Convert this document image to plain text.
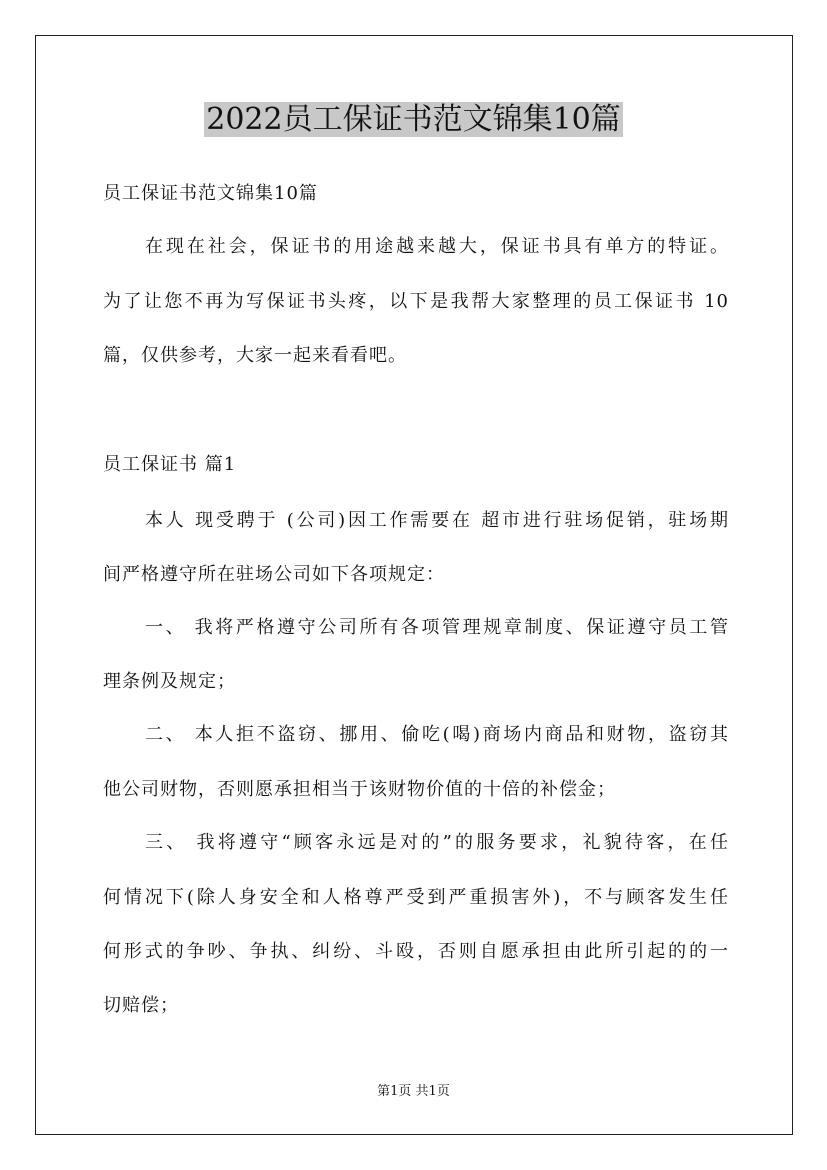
2022员工保证书范文锦集10篇
员工保证书范文锦集10篇
在现在社会，保证书的用途越来越大，保证书具有单方的特证。
为了让您不再为写保证书头疼，以下是我帮大家整理的员工保证书 10
篇，仅供参考，大家一起来看看吧。
员工保证书 篇1
本人 现受聘于 (公司)因工作需要在 超市进行驻场促销，驻场期
间严格遵守所在驻场公司如下各项规定：
一、 我将严格遵守公司所有各项管理规章制度、保证遵守员工管
理条例及规定；
二、 本人拒不盗窃、挪用、偷吃(喝)商场内商品和财物，盗窃其
他公司财物，否则愿承担相当于该财物价值的十倍的补偿金；
三、 我将遵守“顾客永远是对的”的服务要求，礼貌待客，在任
何情况下(除人身安全和人格尊严受到严重损害外)，不与顾客发生任
何形式的争吵、争执、纠纷、斗殴，否则自愿承担由此所引起的的一
切赔偿；
第1页 共1页
